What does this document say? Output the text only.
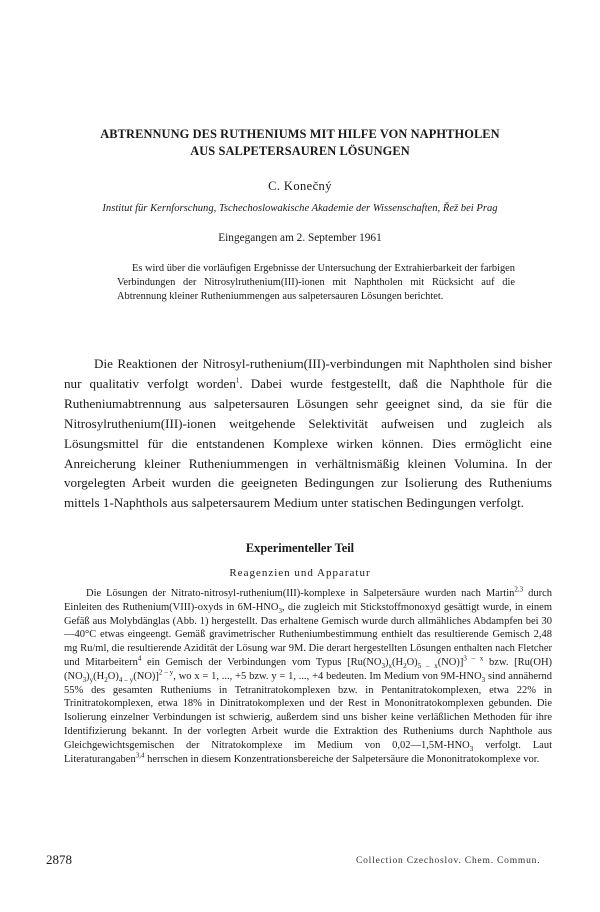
ABTRENNUNG DES RUTHENIUMS MIT HILFE VON NAPHTHOLEN
AUS SALPETERSAUREN LÖSUNGEN
C. Konečný
Institut für Kernforschung, Tschechoslowakische Akademie der Wissenschaften, Řež bei Prag
Eingegangen am 2. September 1961

Es wird über die vorläufigen Ergebnisse der Untersuchung der Extrahierbarkeit der farbigen Verbindungen der Nitrosylruthenium(III)-ionen mit Naphtholen mit Rücksicht auf die Abtrennung kleiner Rutheniummengen aus salpetersauren Lösungen berichtet.

Die Reaktionen der Nitrosyl-ruthenium(III)-verbindungen mit Naphtholen sind bisher nur qualitativ verfolgt worden$^1$. Dabei wurde festgestellt, daß die Naphthole für die Rutheniumabtrennung aus salpetersauren Lösungen sehr geeignet sind, da sie für die Nitrosylruthenium(III)-ionen weitgehende Selektivität aufweisen und zugleich als Lösungsmittel für die entstandenen Komplexe wirken können. Dies ermöglicht eine Anreicherung kleiner Rutheniummengen in verhältnismäßig kleinen Volumina. In der vorgelegten Arbeit wurden die geeigneten Bedingungen zur Isolierung des Rutheniums mittels 1-Naphthols aus salpetersaurem Medium unter statischen Bedingungen verfolgt.

Experimenteller Teil
Reagenzien und Apparatur

Die Lösungen der Nitrato-nitrosyl-ruthenium(III)-komplexe in Salpetersäure wurden nach Martin$^{2,3}$ durch Einleiten des Ruthenium(VIII)-oxyds in $6M-HNO_3$, die zugleich mit Stickstoffmonoxyd gesättigt wurde, in einem Gefäß aus Molybdänglas (Abb. 1) hergestellt. Das erhaltene Gemisch wurde durch allmähliches Abdampfen bei 30—40°C etwas eingeengt. Gemäß gravimetrischer Rutheniumbestimmung enthielt das resultierende Gemisch 2,48 mg Ru/ml, die resultierende Azidität der Lösung war 9M. Die derart hergestellten Lösungen enthalten nach Fletcher und Mitarbeitern$^4$ ein Gemisch der Verbindungen vom Typus $[Ru(NO_3)_x(H_2O)_{5 - x}(NO)]^{3 - x}$ bzw. [Ru(OH) $(NO_3)_y(H_2O)_{4 - y}(NO)]^{2 - y}$, wo x = 1, ..., +5 bzw. y = 1, ..., +4 bedeuten. Im Medium von $9M-HNO_3$ sind annähernd 55% des gesamten Rutheniums in Tetranitratokomplexen bzw. in Pentanitratokomplexen, etwa 22% in Trinitratokomplexen, etwa 18% in Dinitratokomplexen und der Rest in Mononitratokomplexen gebunden. Die Isolierung einzelner Verbindungen ist schwierig, außerdem sind uns bisher keine verläßlichen Methoden für ihre Identifizierung bekannt. In der vorlegten Arbeit wurde die Extraktion des Rutheniums durch Naphthole aus Gleichgewichtsgemischen der Nitratokomplexe im Medium von $0,02—1,5M-HNO_3$ verfolgt. Laut Literaturangaben$^{3,4}$ herrschen in diesem Konzentrationsbereiche der Salpetersäure die Mononitratokomplexe vor.

2878	Collection Czechoslov. Chem. Commun.
